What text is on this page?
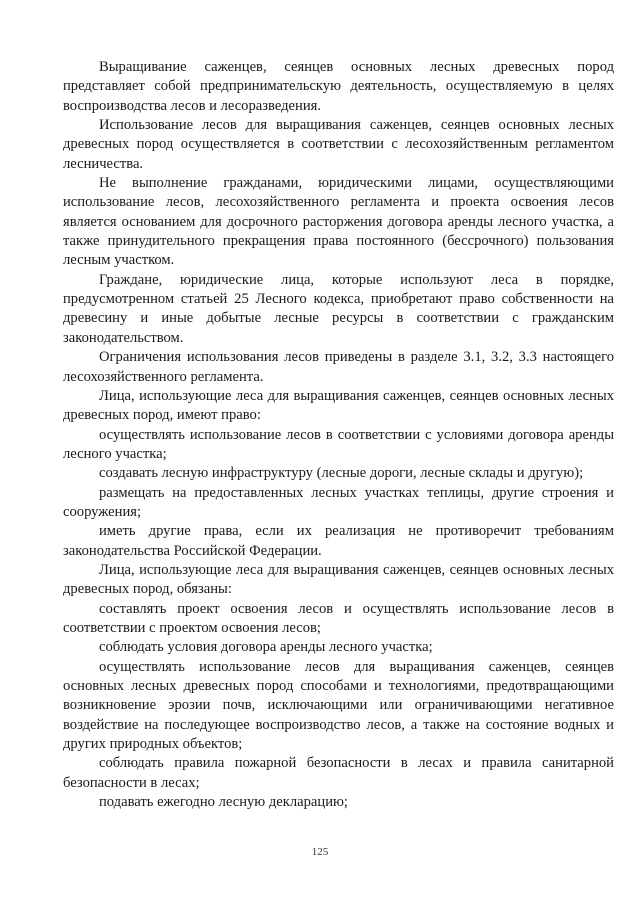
Выращивание саженцев, сеянцев основных лесных древесных пород представляет собой предпринимательскую деятельность, осуществляемую в целях воспроизводства лесов и лесоразведения.

Использование лесов для выращивания саженцев, сеянцев основных лесных древесных пород осуществляется в соответствии с лесохозяйственным регламентом лесничества.

Не выполнение гражданами, юридическими лицами, осуществляющими использование лесов, лесохозяйственного регламента и проекта освоения лесов является основанием для досрочного расторжения договора аренды лесного участка, а также принудительного прекращения права постоянного (бессрочного) пользования лесным участком.

Граждане, юридические лица, которые используют леса в порядке, предусмотренном статьей 25 Лесного кодекса, приобретают право собственности на древесину и иные добытые лесные ресурсы в соответствии с гражданским законодательством.

Ограничения использования лесов приведены в разделе 3.1, 3.2, 3.3 настоящего лесохозяйственного регламента.

Лица, использующие леса для выращивания саженцев, сеянцев основных лесных древесных пород, имеют право:

осуществлять использование лесов в соответствии с условиями договора аренды лесного участка;

создавать лесную инфраструктуру (лесные дороги, лесные склады и другую);

размещать на предоставленных лесных участках теплицы, другие строения и сооружения;

иметь другие права, если их реализация не противоречит требованиям законодательства Российской Федерации.

Лица, использующие леса для выращивания саженцев, сеянцев основных лесных древесных пород, обязаны:

составлять проект освоения лесов и осуществлять использование лесов в соответствии с проектом освоения лесов;

соблюдать условия договора аренды лесного участка;

осуществлять использование лесов для выращивания саженцев, сеянцев основных лесных древесных пород способами и технологиями, предотвращающими возникновение эрозии почв, исключающими или ограничивающими негативное воздействие на последующее воспроизводство лесов, а также на состояние водных и других природных объектов;

соблюдать правила пожарной безопасности в лесах и правила санитарной безопасности в лесах;

подавать ежегодно лесную декларацию;

125
